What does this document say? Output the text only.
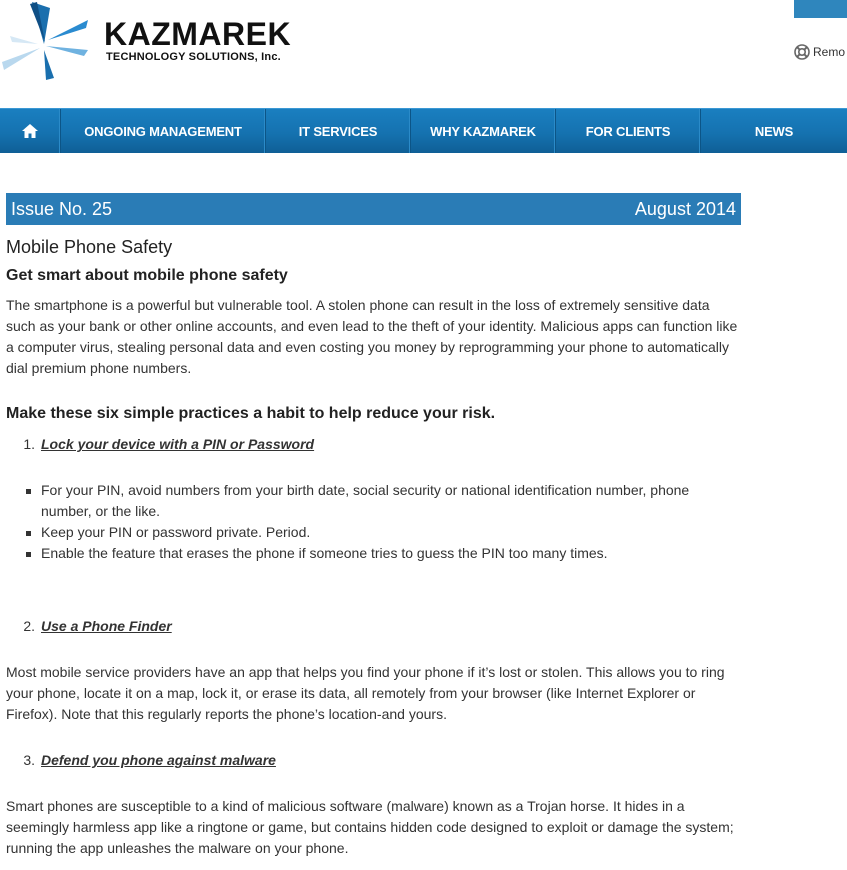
KAZMAREK
TECHNOLOGY SOLUTIONS, Inc.	Remo
ONGOING MANAGEMENT	IT SERVICES	WHY KAZMAREK	FOR CLIENTS	NEWS
Issue No. 25	August 2014
Mobile Phone Safety
Get smart about mobile phone safety

The smartphone is a powerful but vulnerable tool. A stolen phone can result in the loss of extremely sensitive data such as your bank or other online accounts, and even lead to the theft of your identity. Malicious apps can function like a computer virus, stealing personal data and even costing you money by reprogramming your phone to automatically dial premium phone numbers.

Make these six simple practices a habit to help reduce your risk.
1. Lock your device with a PIN or Password
For your PIN, avoid numbers from your birth date, social security or national identification number, phone number, or the like.
Keep your PIN or password private. Period.
Enable the feature that erases the phone if someone tries to guess the PIN too many times.
2. Use a Phone Finder

Most mobile service providers have an app that helps you find your phone if it’s lost or stolen. This allows you to ring your phone, locate it on a map, lock it, or erase its data, all remotely from your browser (like Internet Explorer or Firefox). Note that this regularly reports the phone’s location-and yours.

3. Defend you phone against malware

Smart phones are susceptible to a kind of malicious software (malware) known as a Trojan horse. It hides in a seemingly harmless app like a ringtone or game, but contains hidden code designed to exploit or damage the system; running the app unleashes the malware on your phone.
